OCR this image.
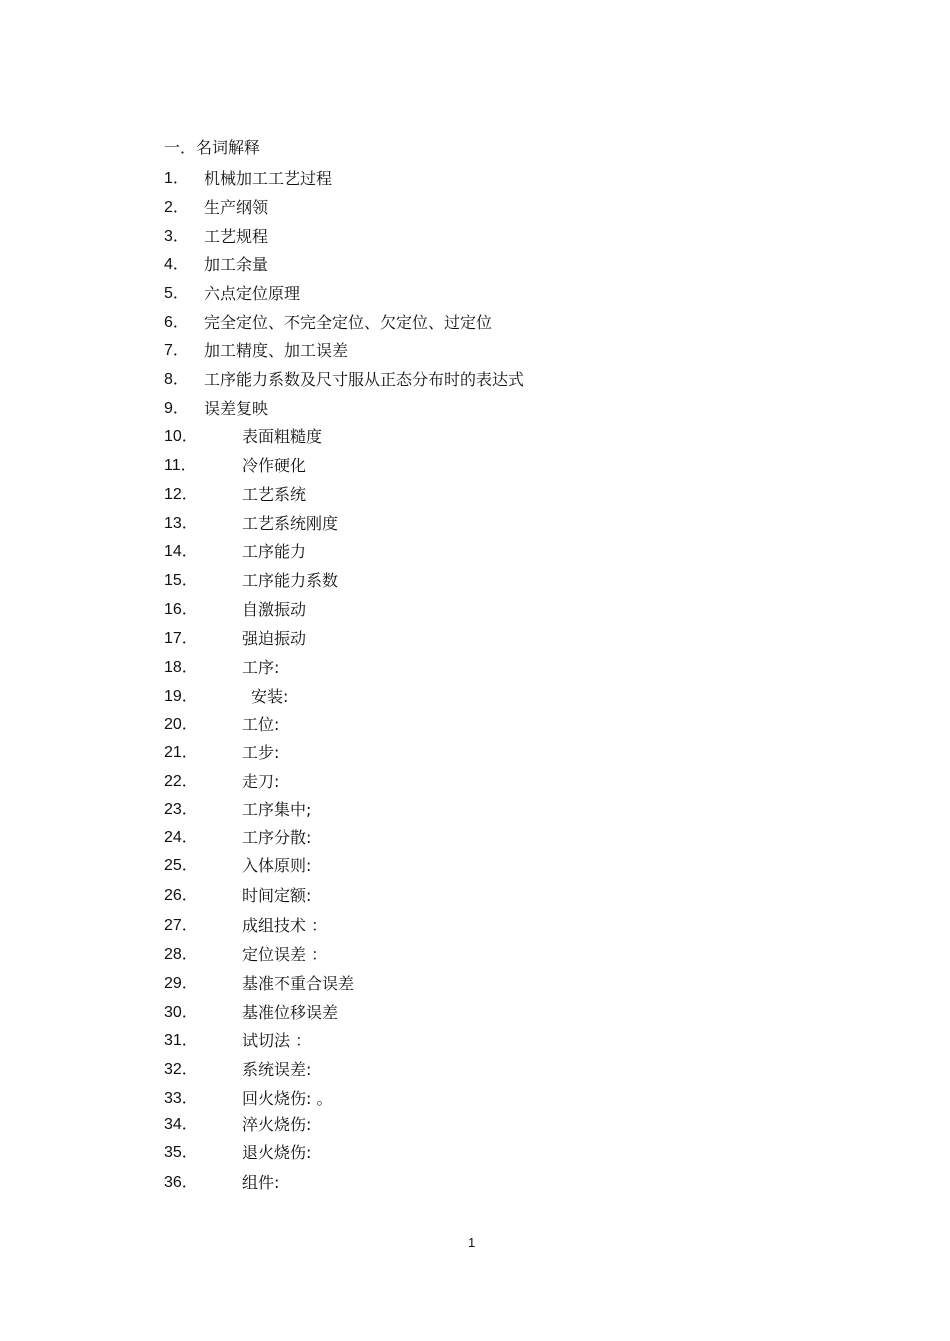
一．名词解释
1． 机械加工工艺过程
2． 生产纲领
3． 工艺规程
4． 加工余量
5． 六点定位原理
6． 完全定位、不完全定位、欠定位、过定位
7． 加工精度、加工误差
8． 工序能力系数及尺寸服从正态分布时的表达式
9． 误差复映
10．	表面粗糙度
11．	冷作硬化
12．	工艺系统
13．	工艺系统刚度
14．	工序能力
15．	工序能力系数
16．	自激振动
17．	强迫振动
18．	工序:
19．	安装:
20．	工位:
21．	工步:
22．	走刀:
23．	工序集中;
24．	工序分散:
25．	入体原则:
26．	时间定额:
27．	成组技术 ：
28．	定位误差 ：
29．	基准不重合误差
30．	基准位移误差
31．	试切法 ：
32．	系统误差:
33．	回火烧伤: 。
34．	淬火烧伤:
35．	退火烧伤:
36．	组件:
1
